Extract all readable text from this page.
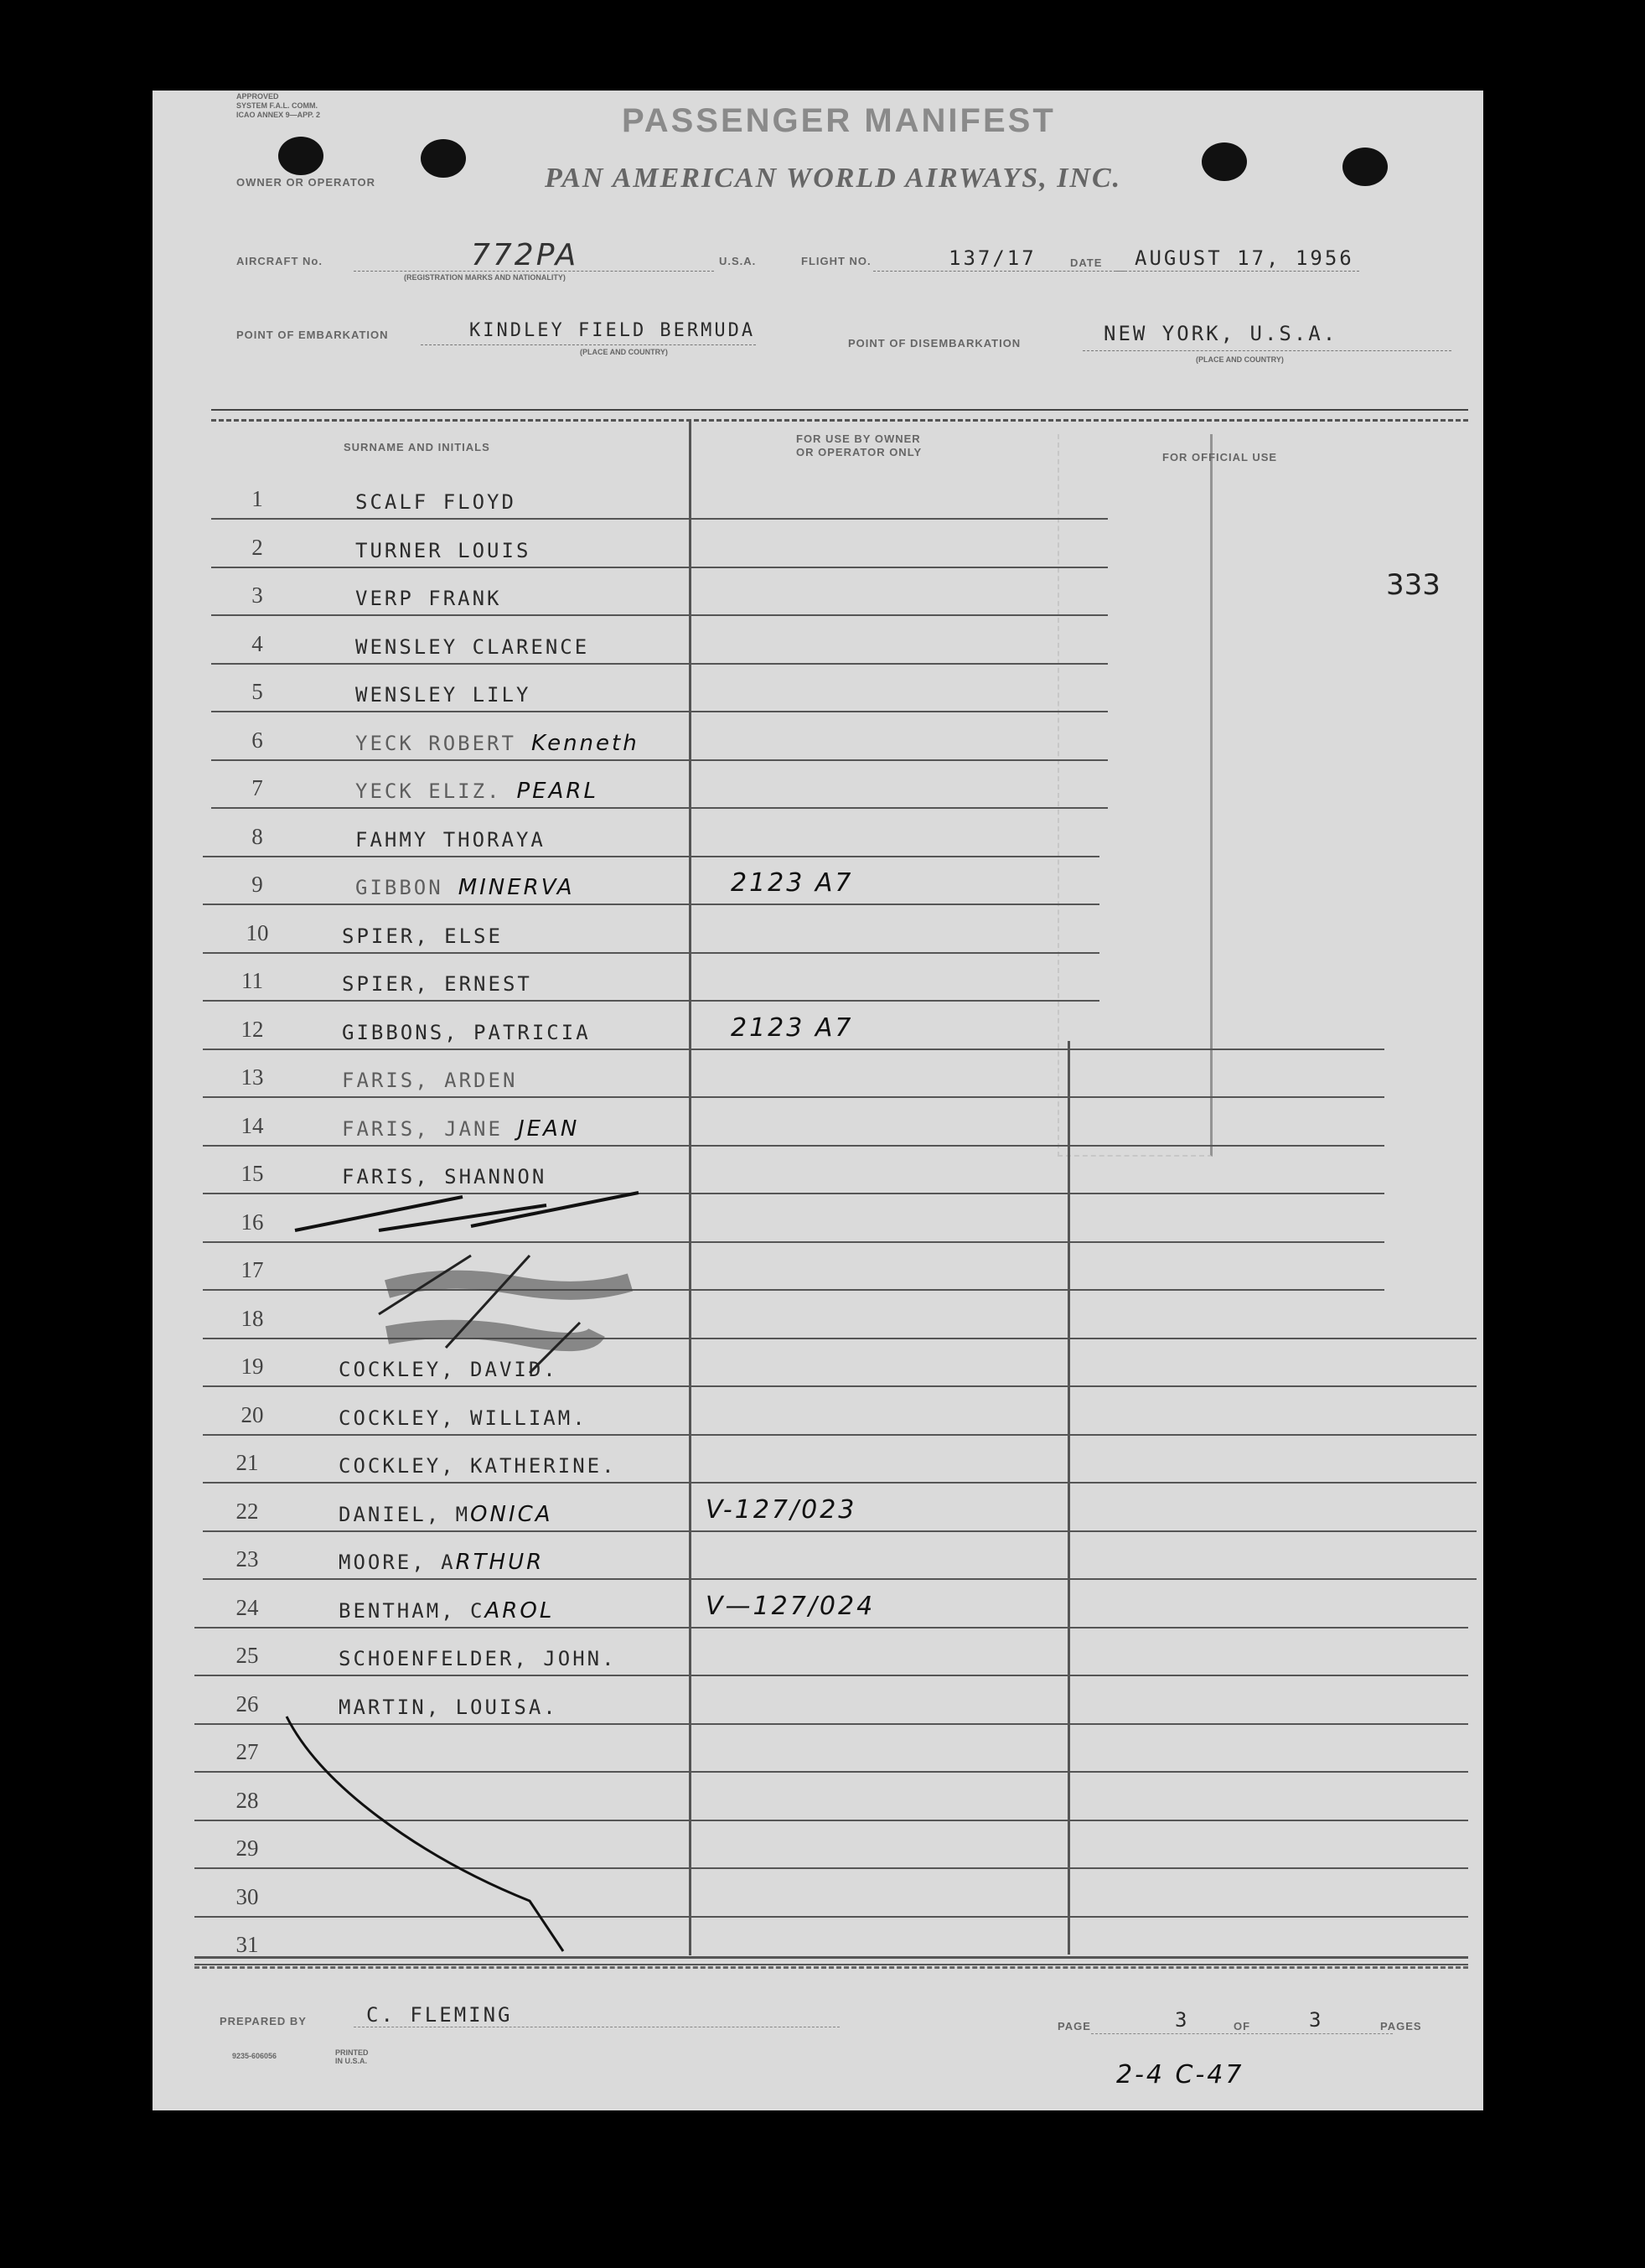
APPROVED
SYSTEM F.A.L. COMM.
ICAO ANNEX 9—APP. 2	PASSENGER MANIFEST
OWNER OR OPERATOR	PAN AMERICAN WORLD AIRWAYS, INC.
AIRCRAFT No.	772PA
(REGISTRATION MARKS AND NATIONALITY)
U.S.A.	FLIGHT NO.	137/17	DATE AUGUST 17, 1956
POINT OF EMBARKATION	KINDLEY FIELD BERMUDA
(PLACE AND COUNTRY)
POINT OF DISEMBARKATION	NEW YORK, U.S.A.
(PLACE AND COUNTRY)
SURNAME AND INITIALS
FOR USE BY OWNER
OR OPERATOR ONLY	FOR OFFICIAL USE
333
1	SCALF FLOYD
2	TURNER LOUIS
3	VERP FRANK
4	WENSLEY CLARENCE
5	WENSLEY LILY
6	YECK ROBERT Kenneth
7	YECK ELIZ. PEARL
8	FAHMY THORAYA
9	GIBBON MINERVA	2123 A7
10	SPIER, ELSE
11	SPIER, ERNEST
12	GIBBONS, PATRICIA	2123 A7
13	FARIS, ARDEN
14	FARIS, JANE JEAN
15	FARIS, SHANNON
16
17
18
19	COCKLEY, DAVID.
20	COCKLEY, WILLIAM.
21	COCKLEY, KATHERINE.
22	DANIEL, MONICA	V-127/023
23	MOORE, ARTHUR
24	BENTHAM, CAROL	V—127/024
25	SCHOENFELDER, JOHN.
26	MARTIN, LOUISA.
27
28
29
30
31
PREPARED BY	C. FLEMING
9235-606056	PRINTED IN U.S.A.
PAGE	3	OF	3	PAGES
2-4 C-47
